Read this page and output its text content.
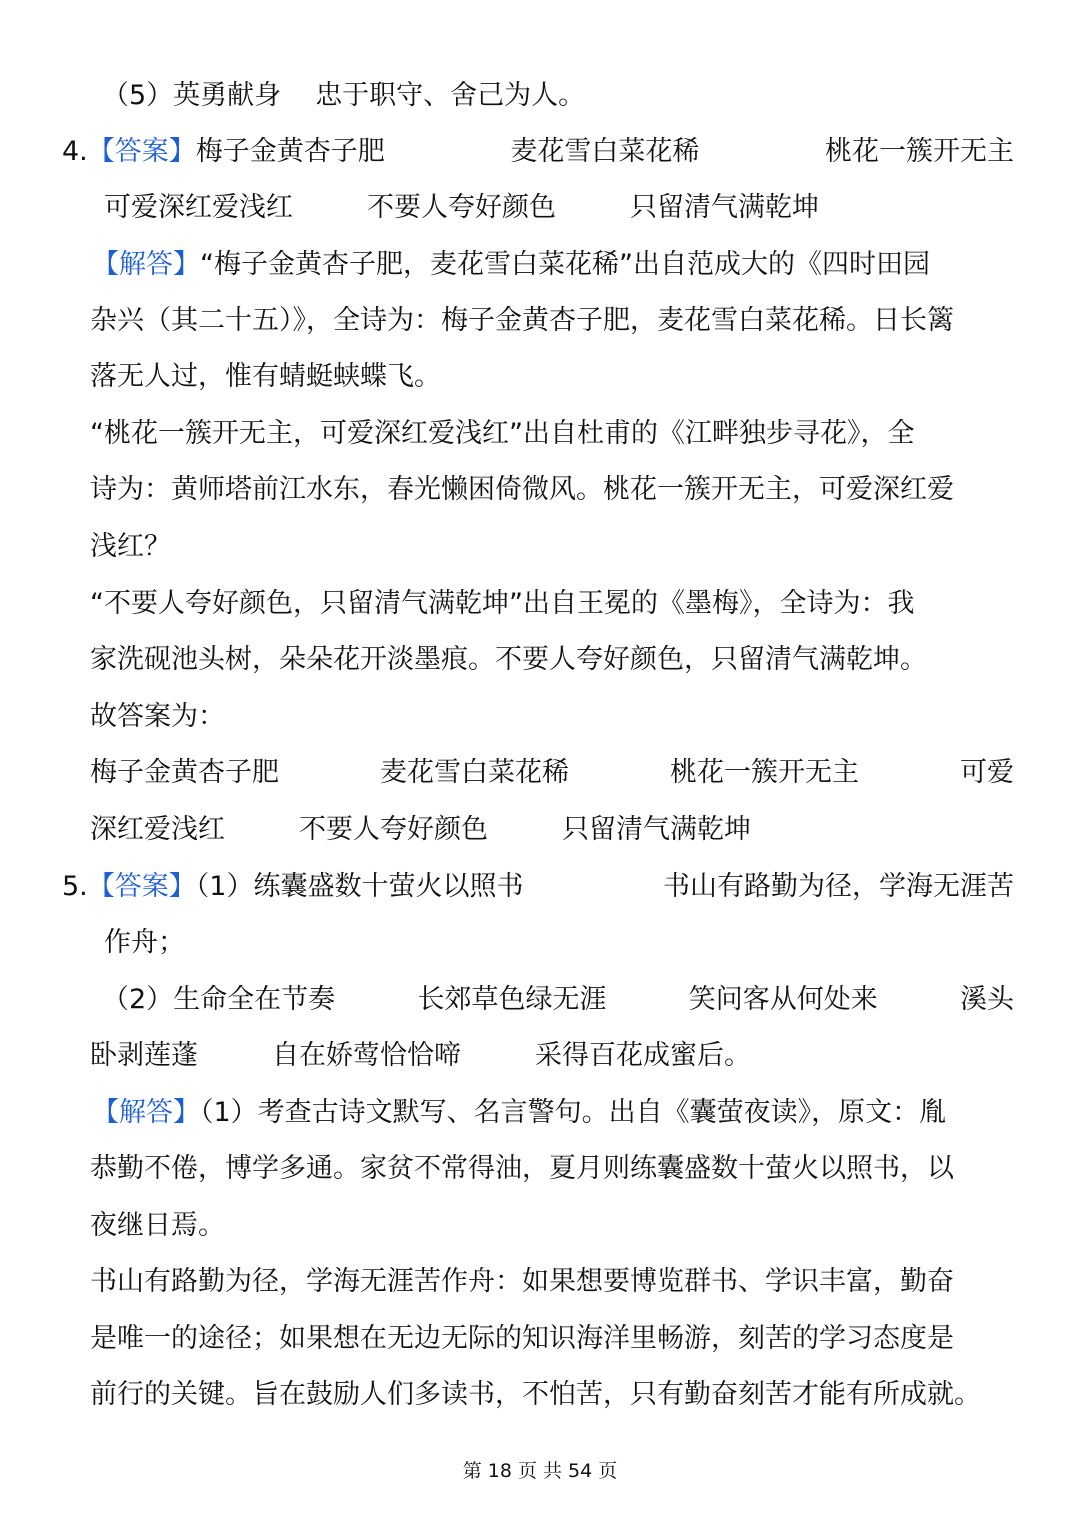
（5）英勇献身 忠于职守、舍己为人。
4.【答案】梅子金黄杏子肥	麦花雪白菜花稀	桃花一簇开无主
可爱深红爱浅红	不要人夸好颜色	只留清气满乾坤
【解答】“梅子金黄杏子肥，麦花雪白菜花稀”出自范成大的《四时田园
杂兴（其二十五）》，全诗为：梅子金黄杏子肥，麦花雪白菜花稀。日长篱
落无人过，惟有蜻蜓蛱蝶飞。
“桃花一簇开无主，可爱深红爱浅红”出自杜甫的《江畔独步寻花》，全
诗为：黄师塔前江水东，春光懒困倚微风。桃花一簇开无主，可爱深红爱
浅红？
“不要人夸好颜色，只留清气满乾坤”出自王冕的《墨梅》，全诗为：我
家洗砚池头树，朵朵花开淡墨痕。不要人夸好颜色，只留清气满乾坤。
故答案为：
梅子金黄杏子肥	麦花雪白菜花稀	桃花一簇开无主	可爱
深红爱浅红	不要人夸好颜色	只留清气满乾坤
5.【答案】（1）练囊盛数十萤火以照书	书山有路勤为径，学海无涯苦
作舟；
（2）生命全在节奏	长郊草色绿无涯	笑问客从何处来	溪头
卧剥莲蓬	自在娇莺恰恰啼	采得百花成蜜后。
【解答】（1）考查古诗文默写、名言警句。出自《囊萤夜读》，原文：胤
恭勤不倦，博学多通。家贫不常得油，夏月则练囊盛数十萤火以照书，以
夜继日焉。
书山有路勤为径，学海无涯苦作舟：如果想要博览群书、学识丰富，勤奋
是唯一的途径；如果想在无边无际的知识海洋里畅游，刻苦的学习态度是
前行的关键。旨在鼓励人们多读书，不怕苦，只有勤奋刻苦才能有所成就。
第 18 页 共 54 页
